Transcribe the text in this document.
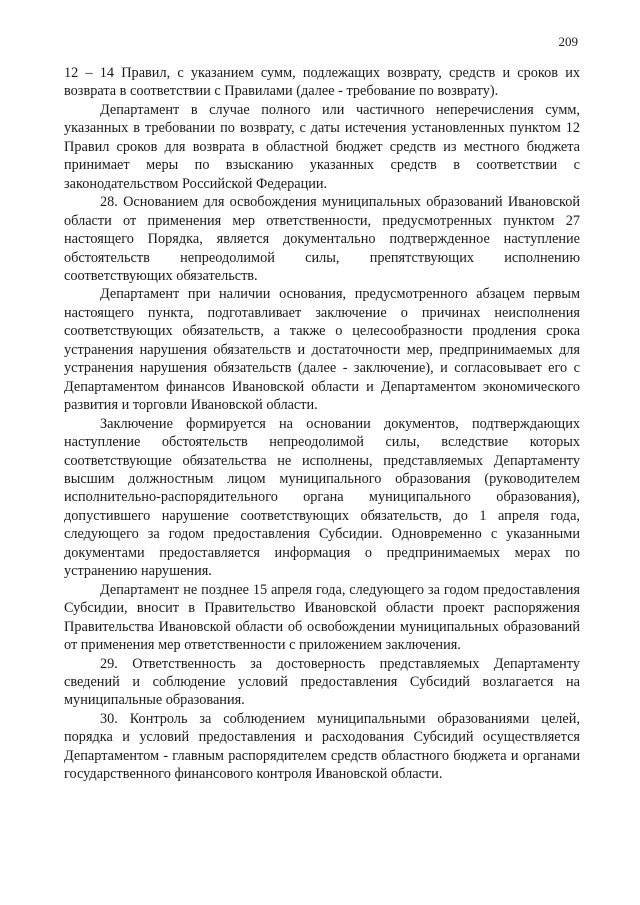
209

12 – 14 Правил, с указанием сумм, подлежащих возврату, средств и сроков их возврата в соответствии с Правилами (далее - требование по возврату).

Департамент в случае полного или частичного неперечисления сумм, указанных в требовании по возврату, с даты истечения установленных пунктом 12 Правил сроков для возврата в областной бюджет средств из местного бюджета принимает меры по взысканию указанных средств в соответствии с законодательством Российской Федерации.

28. Основанием для освобождения муниципальных образований Ивановской области от применения мер ответственности, предусмотренных пунктом 27 настоящего Порядка, является документально подтвержденное наступление обстоятельств непреодолимой силы, препятствующих исполнению соответствующих обязательств.

Департамент при наличии основания, предусмотренного абзацем первым настоящего пункта, подготавливает заключение о причинах неисполнения соответствующих обязательств, а также о целесообразности продления срока устранения нарушения обязательств и достаточности мер, предпринимаемых для устранения нарушения обязательств (далее - заключение), и согласовывает его с Департаментом финансов Ивановской области и Департаментом экономического развития и торговли Ивановской области.

Заключение формируется на основании документов, подтверждающих наступление обстоятельств непреодолимой силы, вследствие которых соответствующие обязательства не исполнены, представляемых Департаменту высшим должностным лицом муниципального образования (руководителем исполнительно-распорядительного органа муниципального образования), допустившего нарушение соответствующих обязательств, до 1 апреля года, следующего за годом предоставления Субсидии. Одновременно с указанными документами предоставляется информация о предпринимаемых мерах по устранению нарушения.

Департамент не позднее 15 апреля года, следующего за годом предоставления Субсидии, вносит в Правительство Ивановской области проект распоряжения Правительства Ивановской области об освобождении муниципальных образований от применения мер ответственности с приложением заключения.

29. Ответственность за достоверность представляемых Департаменту сведений и соблюдение условий предоставления Субсидий возлагается на муниципальные образования.

30. Контроль за соблюдением муниципальными образованиями целей, порядка и условий предоставления и расходования Субсидий осуществляется Департаментом - главным распорядителем средств областного бюджета и органами государственного финансового контроля Ивановской области.
